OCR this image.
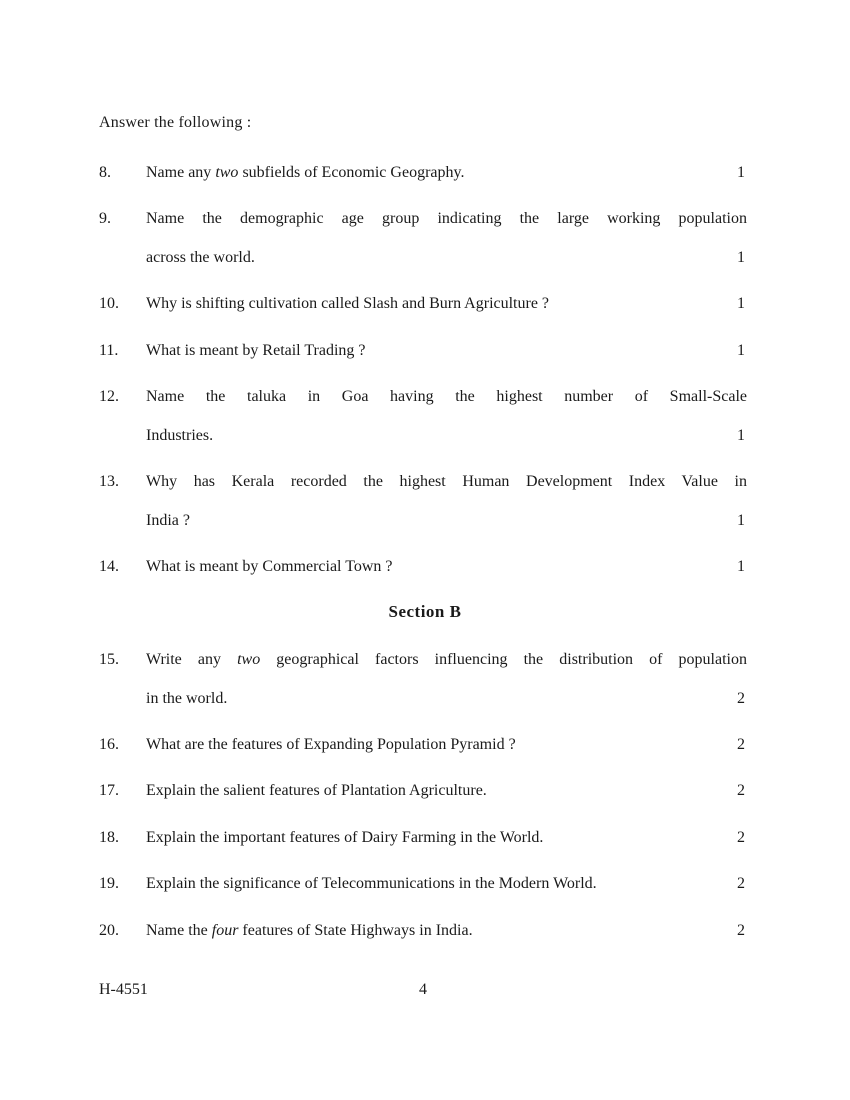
Answer the following :
8.	Name any two subfields of Economic Geography.	1
9.	Name the demographic age group indicating the large working population
across the world.	1
10.	Why is shifting cultivation called Slash and Burn Agriculture ?	1
11.	What is meant by Retail Trading ?	1
12.	Name the taluka in Goa having the highest number of Small-Scale
Industries.	1
13.	Why has Kerala recorded the highest Human Development Index Value in
India ?	1
14.	What is meant by Commercial Town ?	1
Section B
15.	Write any two geographical factors influencing the distribution of population
in the world.	2
16.	What are the features of Expanding Population Pyramid ?	2
17.	Explain the salient features of Plantation Agriculture.	2
18.	Explain the important features of Dairy Farming in the World.	2
19.	Explain the significance of Telecommunications in the Modern World.	2
20.	Name the four features of State Highways in India.	2
H-4551	4
